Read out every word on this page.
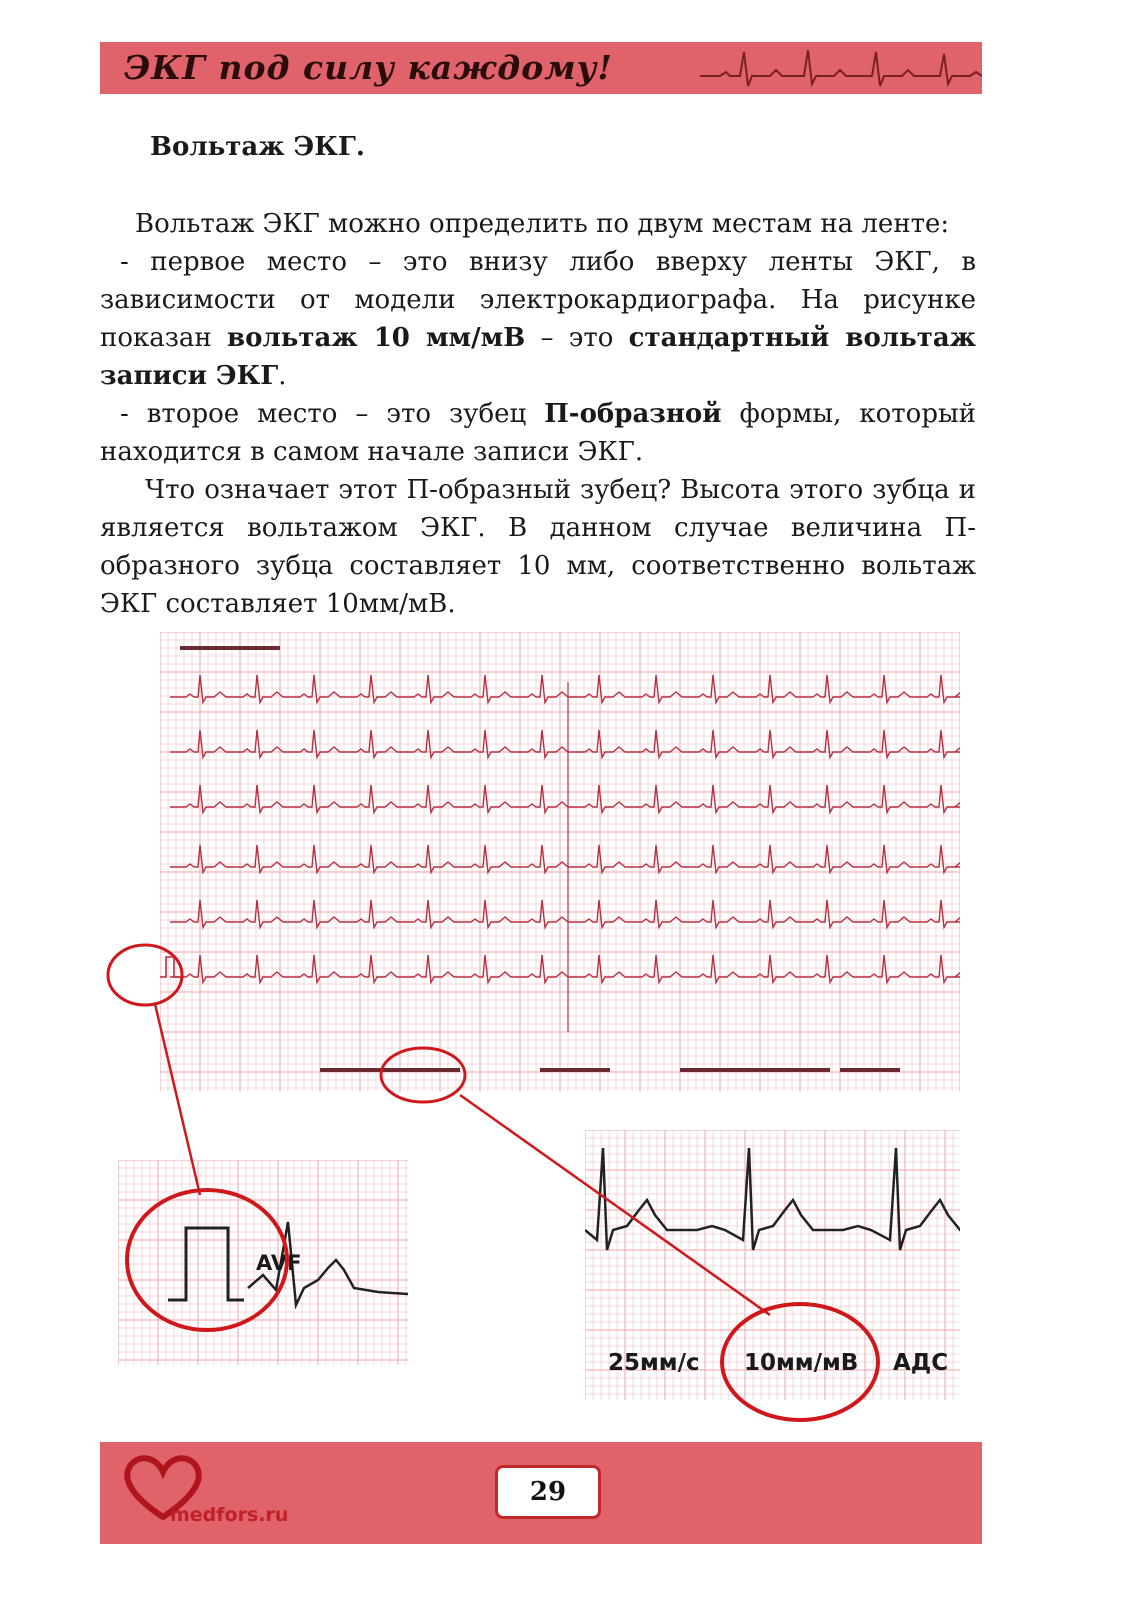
ЭКГ под силу каждому!
Вольтаж ЭКГ.

Вольтаж ЭКГ можно определить по двум местам на ленте:

- первое место – это внизу либо вверху ленты ЭКГ, в зависимости от модели электрокардиографа. На рисунке показан вольтаж 10 мм/мВ – это стандартный вольтаж записи ЭКГ.

- второе место – это зубец П-образной формы, который находится в самом начале записи ЭКГ.

Что означает этот П-образный зубец? Высота этого зубца и является вольтажом ЭКГ. В данном случае величина П-образного зубца составляет 10 мм, соответственно вольтаж ЭКГ составляет 10мм/мВ.

AVF
25мм/с 10мм/мВ АДС
medfors.ru
29
